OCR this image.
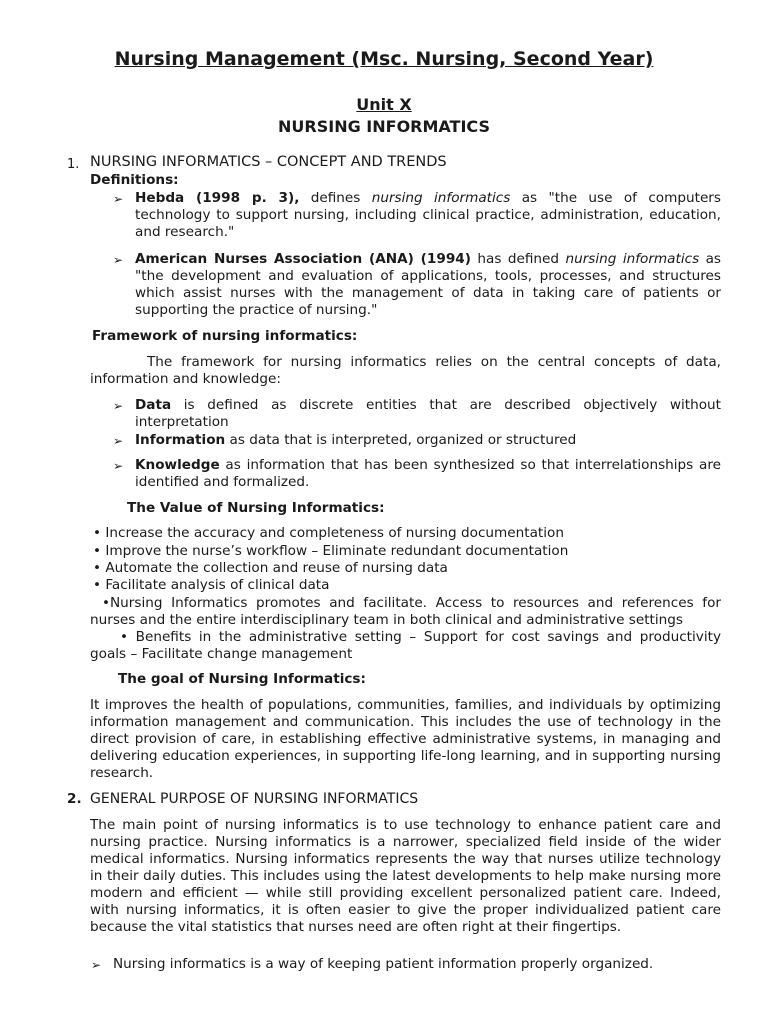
Nursing Management (Msc. Nursing, Second Year)
Unit X
NURSING INFORMATICS
1. NURSING INFORMATICS – CONCEPT AND TRENDS
Definitions:
➢ Hebda (1998 p. 3), defines nursing informatics as "the use of computers technology to support nursing, including clinical practice, administration, education, and research."
➢ American Nurses Association (ANA) (1994) has defined nursing informatics as "the development and evaluation of applications, tools, processes, and structures which assist nurses with the management of data in taking care of patients or supporting the practice of nursing."
Framework of nursing informatics:
The framework for nursing informatics relies on the central concepts of data, information and knowledge:
➢ Data is defined as discrete entities that are described objectively without interpretation
➢ Information as data that is interpreted, organized or structured
➢ Knowledge as information that has been synthesized so that interrelationships are identified and formalized.
The Value of Nursing Informatics:
• Increase the accuracy and completeness of nursing documentation
• Improve the nurse’s workflow – Eliminate redundant documentation
• Automate the collection and reuse of nursing data
• Facilitate analysis of clinical data
•Nursing Informatics promotes and facilitate. Access to resources and references for nurses and the entire interdisciplinary team in both clinical and administrative settings
• Benefits in the administrative setting – Support for cost savings and productivity goals – Facilitate change management
The goal of Nursing Informatics:
It improves the health of populations, communities, families, and individuals by optimizing information management and communication. This includes the use of technology in the direct provision of care, in establishing effective administrative systems, in managing and delivering education experiences, in supporting life-long learning, and in supporting nursing research.
2. GENERAL PURPOSE OF NURSING INFORMATICS
The main point of nursing informatics is to use technology to enhance patient care and nursing practice. Nursing informatics is a narrower, specialized field inside of the wider medical informatics. Nursing informatics represents the way that nurses utilize technology in their daily duties. This includes using the latest developments to help make nursing more modern and efficient — while still providing excellent personalized patient care. Indeed, with nursing informatics, it is often easier to give the proper individualized patient care because the vital statistics that nurses need are often right at their fingertips.
➢ Nursing informatics is a way of keeping patient information properly organized.
